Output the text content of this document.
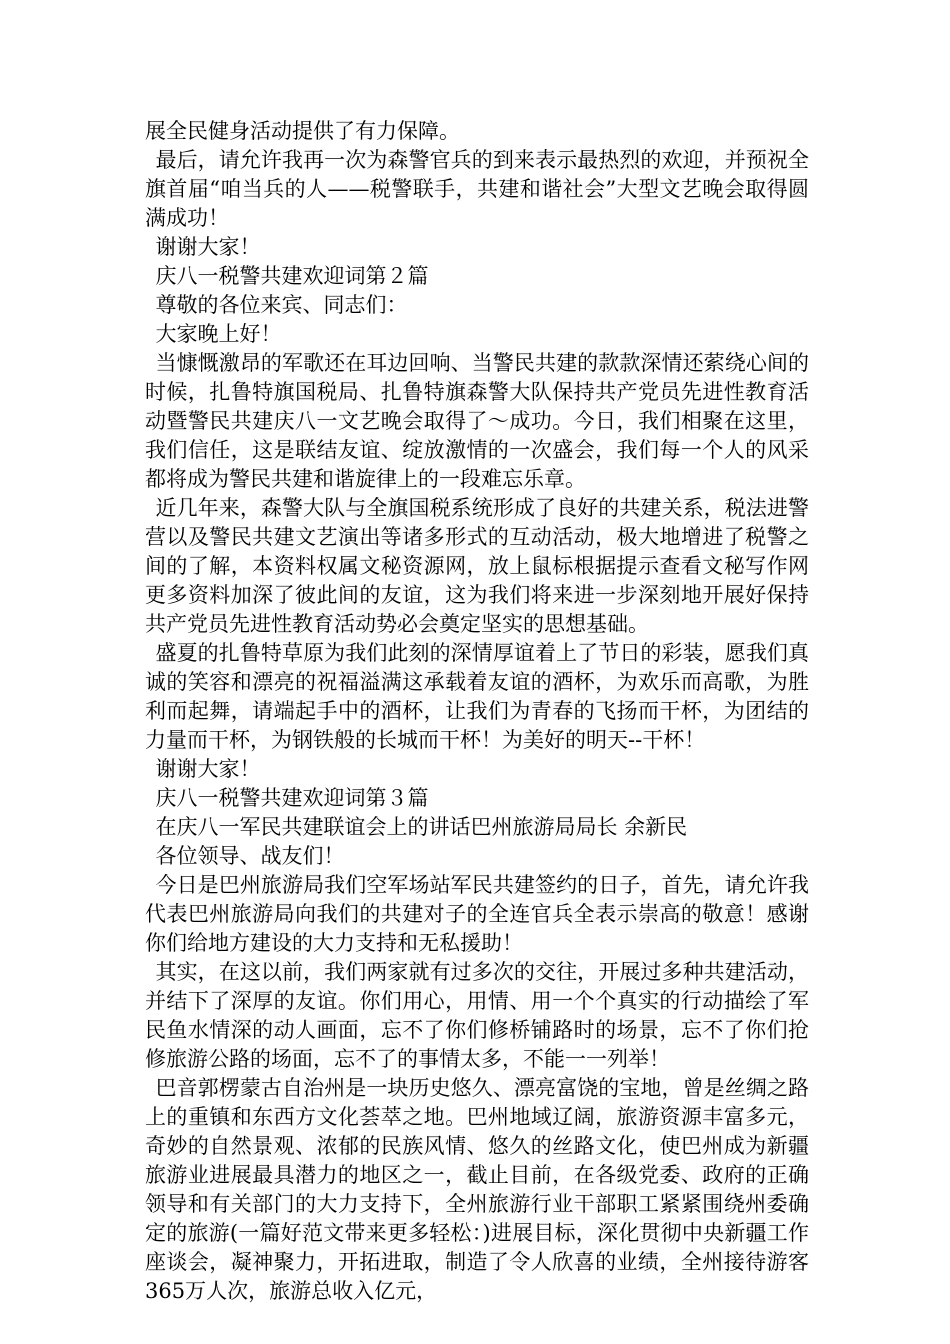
展全民健身活动提供了有力保障。

最后，请允许我再一次为森警官兵的到来表示最热烈的欢迎，并预祝全旗首届“咱当兵的人——税警联手，共建和谐社会”大型文艺晚会取得圆满成功！

谢谢大家！

庆八一税警共建欢迎词第２篇

尊敬的各位来宾、同志们：

大家晚上好！

当慷慨激昂的军歌还在耳边回响、当警民共建的款款深情还萦绕心间的时候，扎鲁特旗国税局、扎鲁特旗森警大队保持共产党员先进性教育活动暨警民共建庆八一文艺晚会取得了～成功。今日，我们相聚在这里，我们信任，这是联结友谊、绽放激情的一次盛会，我们每一个人的风采都将成为警民共建和谐旋律上的一段难忘乐章。

近几年来，森警大队与全旗国税系统形成了良好的共建关系，税法进警营以及警民共建文艺演出等诸多形式的互动活动，极大地增进了税警之间的了解，本资料权属文秘资源网，放上鼠标根据提示查看文秘写作网更多资料加深了彼此间的友谊，这为我们将来进一步深刻地开展好保持共产党员先进性教育活动势必会奠定坚实的思想基础。

盛夏的扎鲁特草原为我们此刻的深情厚谊着上了节日的彩装，愿我们真诚的笑容和漂亮的祝福溢满这承载着友谊的酒杯，为欢乐而高歌，为胜利而起舞，请端起手中的酒杯，让我们为青春的飞扬而干杯，为团结的力量而干杯，为钢铁般的长城而干杯！为美好的明天--干杯！

谢谢大家！

庆八一税警共建欢迎词第３篇

在庆八一军民共建联谊会上的讲话巴州旅游局局长 余新民

各位领导、战友们！

今日是巴州旅游局我们空军场站军民共建签约的日子，首先，请允许我代表巴州旅游局向我们的共建对子的全连官兵全表示崇高的敬意！感谢你们给地方建设的大力支持和无私援助！

其实，在这以前，我们两家就有过多次的交往，开展过多种共建活动，并结下了深厚的友谊。你们用心，用情、用一个个真实的行动描绘了军民鱼水情深的动人画面，忘不了你们修桥铺路时的场景，忘不了你们抢修旅游公路的场面，忘不了的事情太多，不能一一列举！

巴音郭楞蒙古自治州是一块历史悠久、漂亮富饶的宝地，曾是丝绸之路上的重镇和东西方文化荟萃之地。巴州地域辽阔，旅游资源丰富多元，奇妙的自然景观、浓郁的民族风情、悠久的丝路文化，使巴州成为新疆旅游业进展最具潜力的地区之一，截止目前，在各级党委、政府的正确领导和有关部门的大力支持下，全州旅游行业干部职工紧紧围绕州委确定的旅游(一篇好范文带来更多轻松：)进展目标，深化贯彻中央新疆工作座谈会，凝神聚力，开拓进取，制造了令人欣喜的业绩，全州接待游客365万人次，旅游总收入亿元，
